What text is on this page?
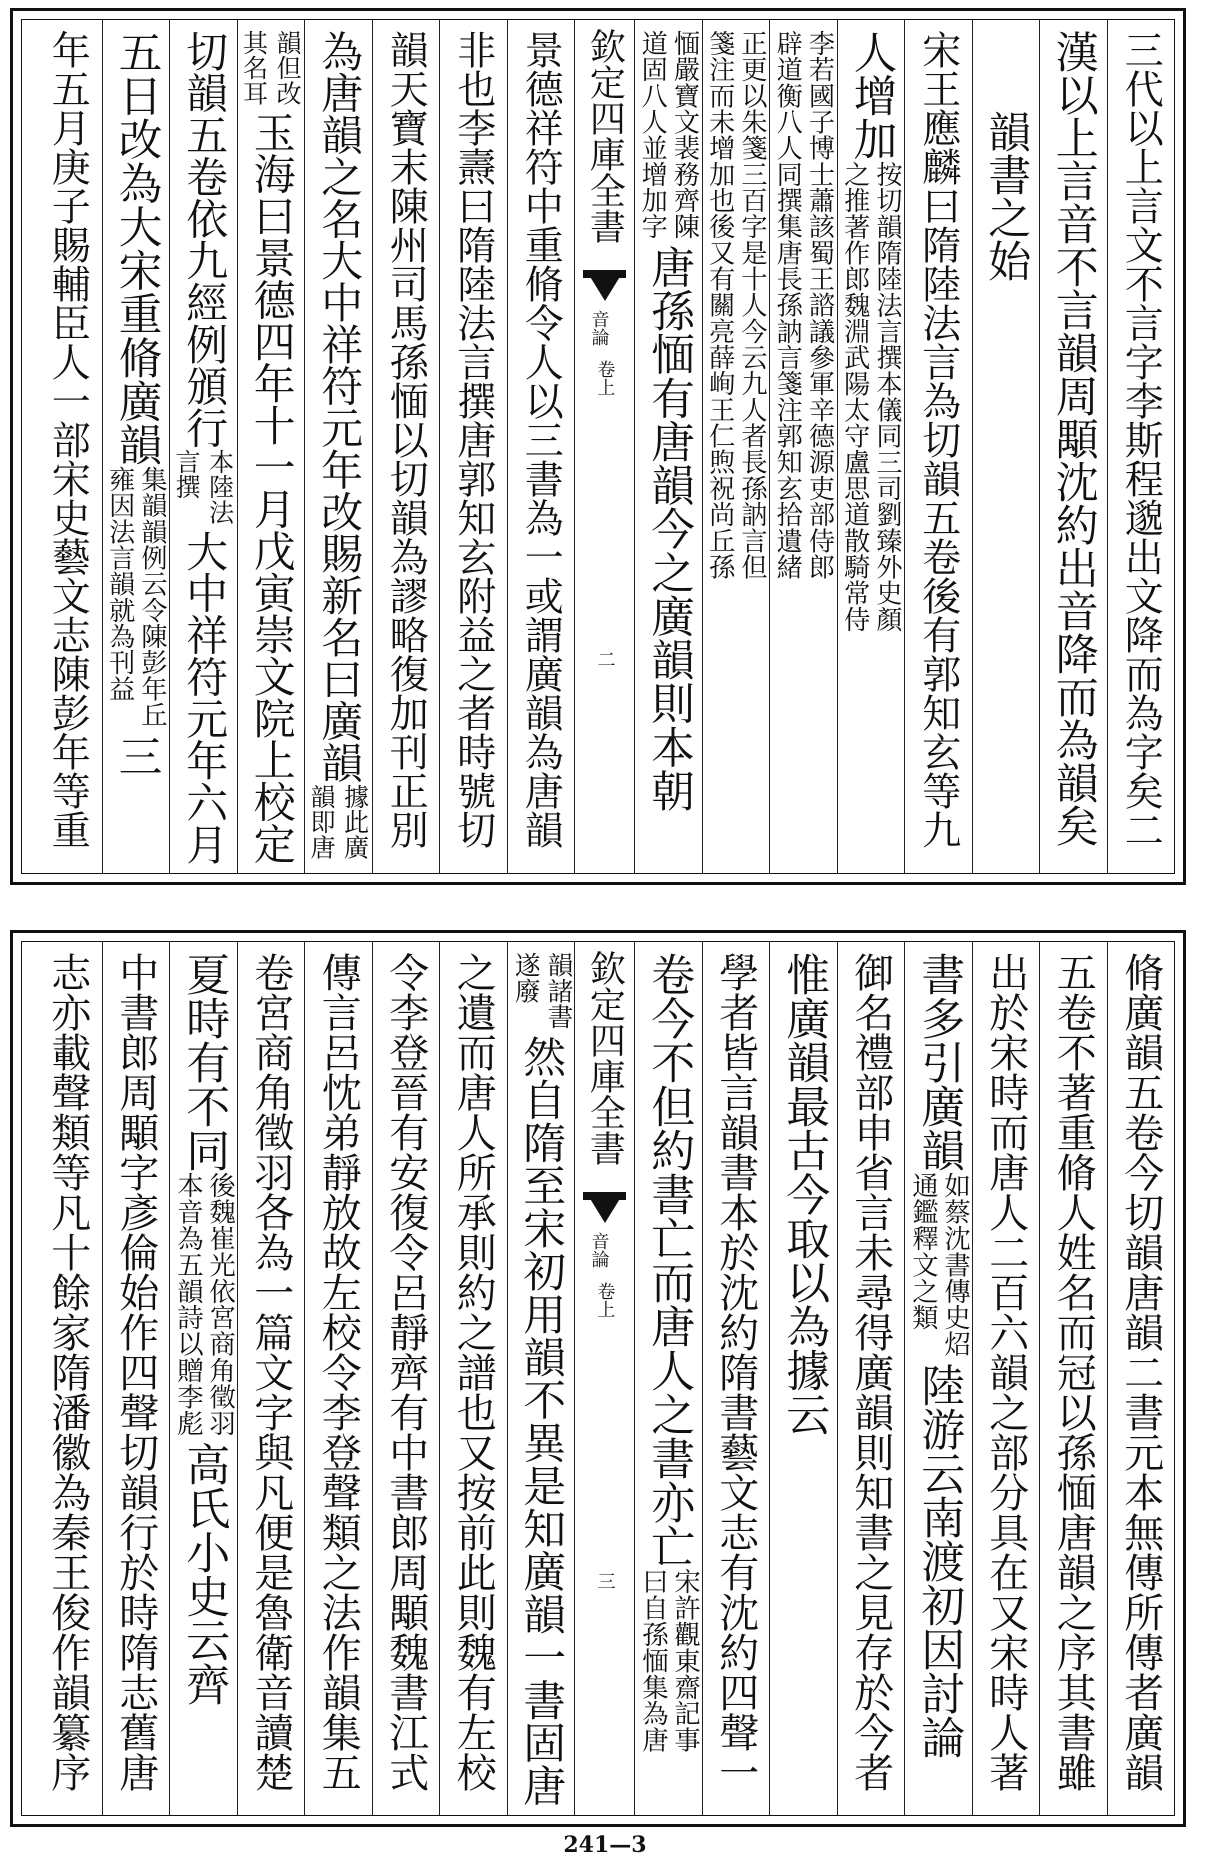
三代以上言文不言字李斯程邈出文降而為字矣二
漢以上言音不言韻周顒沈約出音降而為韻矣
韻書之始
宋王應麟曰隋陸法言為切韻五卷後有郭知玄等九
人增加
按切韻隋陸法言撰本儀同三司劉臻外史顏
之推著作郎魏淵武陽太守盧思道散騎常侍
李若國子博士蕭該蜀王諮議參軍辛德源吏部侍郎
辟道衡八人同撰集唐長孫訥言箋注郭知玄拾遺緒
正更以朱箋三百字是十人今云九人者長孫訥言但
箋注而未增加也後又有關亮薛峋王仁煦祝尚丘孫
愐嚴寶文裴務齊陳
道固八人並增加字
唐孫愐有唐韻今之廣韻則本朝
欽定四庫全書
音論
卷上
二
景德祥符中重脩令人以三書為一或謂廣韻為唐韻
非也李燾曰隋陸法言撰唐郭知玄附益之者時號切
韻天寶末陳州司馬孫愐以切韻為謬略復加刊正別
為唐韻之名大中祥符元年改賜新名曰廣韻
據此廣
韻即唐
韻但改
其名耳
玉海曰景德四年十一月戊寅崇文院上校定
切韻五卷依九經例頒行
本陸法
言撰
大中祥符元年六月
五日改為大宋重脩廣韻
集韻韻例云令陳彭年丘
雍因法言韻就為刊益
三
年五月庚子賜輔臣人一部宋史藝文志陳彭年等重
脩廣韻五卷今切韻唐韻二書元本無傳所傳者廣韻
五卷不著重脩人姓名而冠以孫愐唐韻之序其書雖
出於宋時而唐人二百六韻之部分具在又宋時人著
書多引廣韻
如蔡沈書傳史炤
通鑑釋文之類
陸游云南渡初因討論
御名禮部申省言未尋得廣韻則知書之見存於今者
惟廣韻最古今取以為據云
學者皆言韻書本於沈約隋書藝文志有沈約四聲一
卷今不但約書亡而唐人之書亦亡
宋許觀東齋記事
曰自孫愐集為唐
欽定四庫全書
音論
卷上
三
韻諸書
遂廢
然自隋至宋初用韻不異是知廣韻一書固唐
之遺而唐人所承則約之譜也又按前此則魏有左校
令李登晉有安復令呂靜齊有中書郎周顒魏書江式
傳言呂忱弟靜放故左校令李登聲類之法作韻集五
卷宮商角徵羽各為一篇文字與凡便是魯衛音讀楚
夏時有不同
後魏崔光依宮商角徵羽
本音為五韻詩以贈李彪
高氏小史云齊
中書郎周顒字彥倫始作四聲切韻行於時隋志舊唐
志亦載聲類等凡十餘家隋潘徽為秦王俊作韻纂序
241—3
